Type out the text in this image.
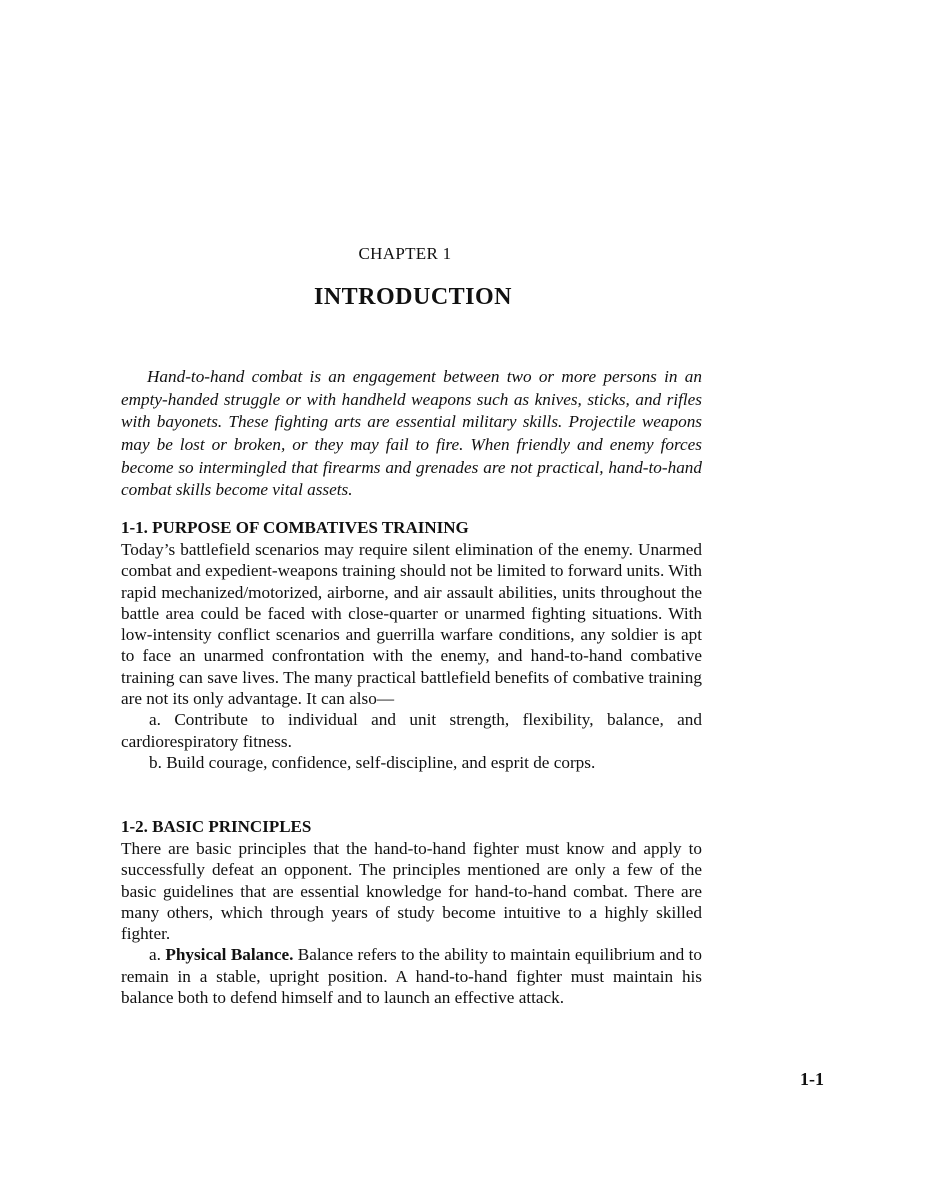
CHAPTER 1
INTRODUCTION

Hand-to-hand combat is an engagement between two or more persons in an empty-handed struggle or with handheld weapons such as knives, sticks, and rifles with bayonets. These fighting arts are essential military skills. Projectile weapons may be lost or broken, or they may fail to fire. When friendly and enemy forces become so intermingled that firearms and grenades are not practical, hand-to-hand combat skills become vital assets.

1-1. PURPOSE OF COMBATIVES TRAINING

Today’s battlefield scenarios may require silent elimination of the enemy. Unarmed combat and expedient-weapons training should not be limited to forward units. With rapid mechanized/motorized, airborne, and air assault abilities, units throughout the battle area could be faced with close-quarter or unarmed fighting situations. With low-intensity conflict scenarios and guerrilla warfare conditions, any soldier is apt to face an unarmed confrontation with the enemy, and hand-to-hand combative training can save lives. The many practical battlefield benefits of combative training are not its only advantage. It can also—

a. Contribute to individual and unit strength, flexibility, balance, and cardiorespiratory fitness.

b. Build courage, confidence, self-discipline, and esprit de corps.

1-2. BASIC PRINCIPLES

There are basic principles that the hand-to-hand fighter must know and apply to successfully defeat an opponent. The principles mentioned are only a few of the basic guidelines that are essential knowledge for hand-to-hand combat. There are many others, which through years of study become intuitive to a highly skilled fighter.

a. Physical Balance. Balance refers to the ability to maintain equilibrium and to remain in a stable, upright position. A hand-to-hand fighter must maintain his balance both to defend himself and to launch an effective attack.

1-1
